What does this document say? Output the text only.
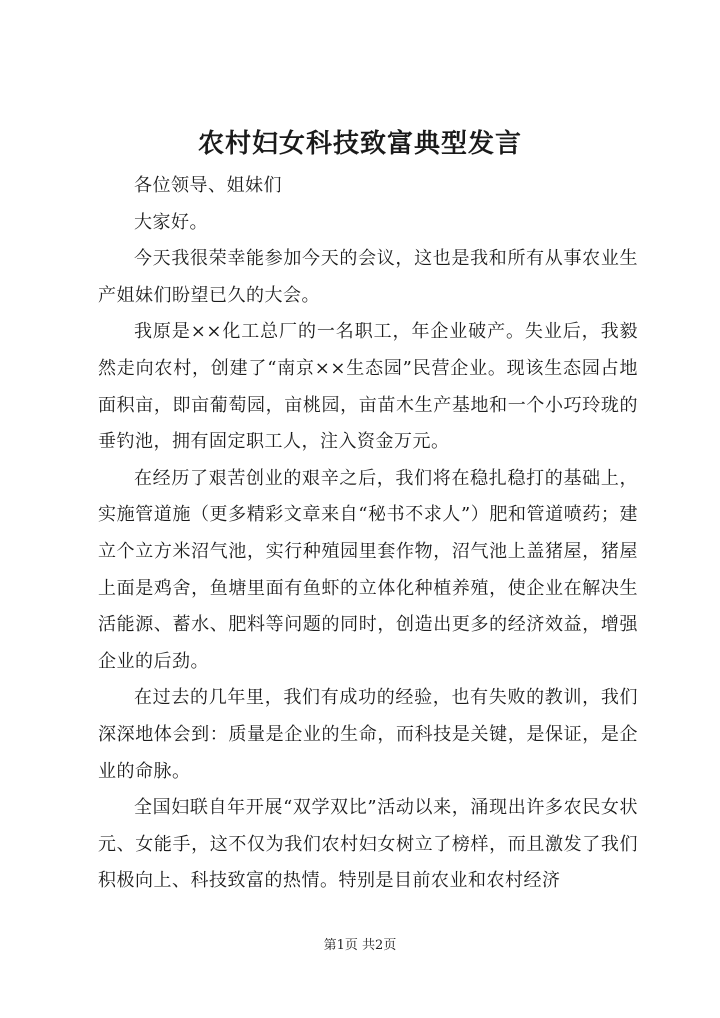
农村妇女科技致富典型发言

各位领导、姐妹们

大家好。

今天我很荣幸能参加今天的会议，这也是我和所有从事农业生产姐妹们盼望已久的大会。

我原是××化工总厂的一名职工，年企业破产。失业后，我毅然走向农村，创建了“南京××生态园”民营企业。现该生态园占地面积亩，即亩葡萄园，亩桃园，亩苗木生产基地和一个小巧玲珑的垂钓池，拥有固定职工人，注入资金万元。

在经历了艰苦创业的艰辛之后，我们将在稳扎稳打的基础上，实施管道施（更多精彩文章来自“秘书不求人”）肥和管道喷药；建立个立方米沼气池，实行种殖园里套作物，沼气池上盖猪屋，猪屋上面是鸡舍，鱼塘里面有鱼虾的立体化种植养殖，使企业在解决生活能源、蓄水、肥料等问题的同时，创造出更多的经济效益，增强企业的后劲。

在过去的几年里，我们有成功的经验，也有失败的教训，我们深深地体会到：质量是企业的生命，而科技是关键，是保证，是企业的命脉。

全国妇联自年开展“双学双比”活动以来，涌现出许多农民女状元、女能手，这不仅为我们农村妇女树立了榜样，而且激发了我们积极向上、科技致富的热情。特别是目前农业和农村经济

第1页 共2页
